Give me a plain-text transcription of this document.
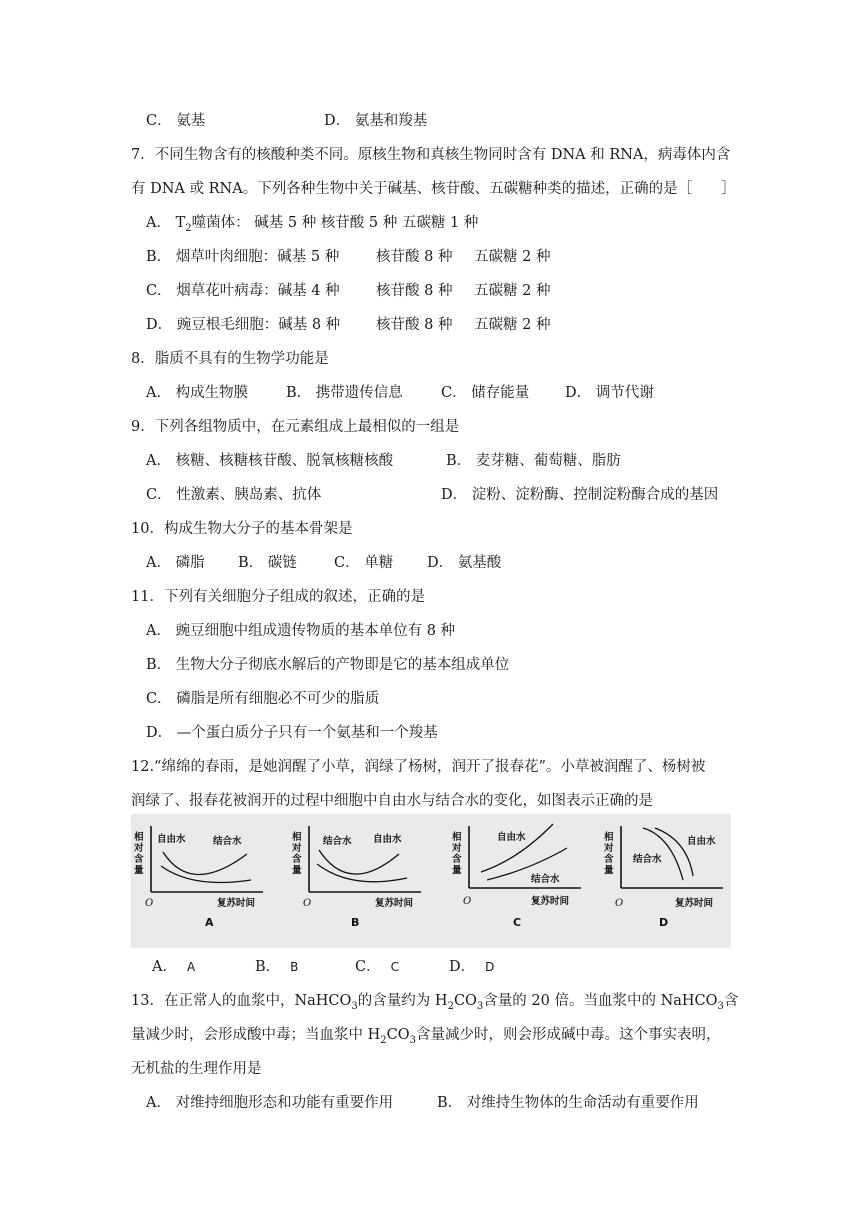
C． 氨基	D． 氨基和羧基
7．不同生物含有的核酸种类不同。原核生物和真核生物同时含有 DNA 和 RNA，病毒体内含
有 DNA 或 RNA。下列各种生物中关于碱基、核苷酸、五碳糖种类的描述，正确的是［　　］
A． $T_2$噬菌体： 碱基 5 种 核苷酸 5 种 五碳糖 1 种
B． 烟草叶肉细胞：碱基 5 种	核苷酸 8 种 五碳糖 2 种
C． 烟草花叶病毒：碱基 4 种	核苷酸 8 种 五碳糖 2 种
D． 豌豆根毛细胞：碱基 8 种 核苷酸 8 种 五碳糖 2 种
8．脂质不具有的生物学功能是
A． 构成生物膜	B． 携带遗传信息	C． 储存能量 D． 调节代谢
9．下列各组物质中，在元素组成上最相似的一组是
A． 核糖、核糖核苷酸、脱氧核糖核酸	B． 麦芽糖、葡萄糖、脂肪
C． 性激素、胰岛素、抗体	D． 淀粉、淀粉酶、控制淀粉酶合成的基因
10．构成生物大分子的基本骨架是
A． 磷脂 B． 碳链	C． 单糖 D． 氨基酸
11．下列有关细胞分子组成的叙述，正确的是
A． 豌豆细胞中组成遗传物质的基本单位有 8 种
B． 生物大分子彻底水解后的产物即是它的基本组成单位
C． 磷脂是所有细胞必不可少的脂质
D． —个蛋白质分子只有一个氨基和一个羧基
12.“绵绵的春雨，是她润醒了小草，润绿了杨树，润开了报春花”。小草被润醒了、杨树被
润绿了、报春花被润开的过程中细胞中自由水与结合水的变化，如图表示正确的是
相对含量
O	复苏时间
自由水	结合水
A
相对含量
O	复苏时间
结合水 自由水
B
相对含量
O	复苏时间
自由水
结合水
C
相对含量
O	复苏时间
自由水
结合水
D
A． A	B． B	C． C	D． D
13．在正常人的血浆中，NaHCO$_3$的含量约为 $H_2CO_3$含量的 20 倍。当血浆中的 NaHCO$_3$含
量减少时，会形成酸中毒；当血浆中 $H_2CO_3$含量减少时，则会形成碱中毒。这个事实表明，
无机盐的生理作用是
A． 对维持细胞形态和功能有重要作用	B． 对维持生物体的生命活动有重要作用
